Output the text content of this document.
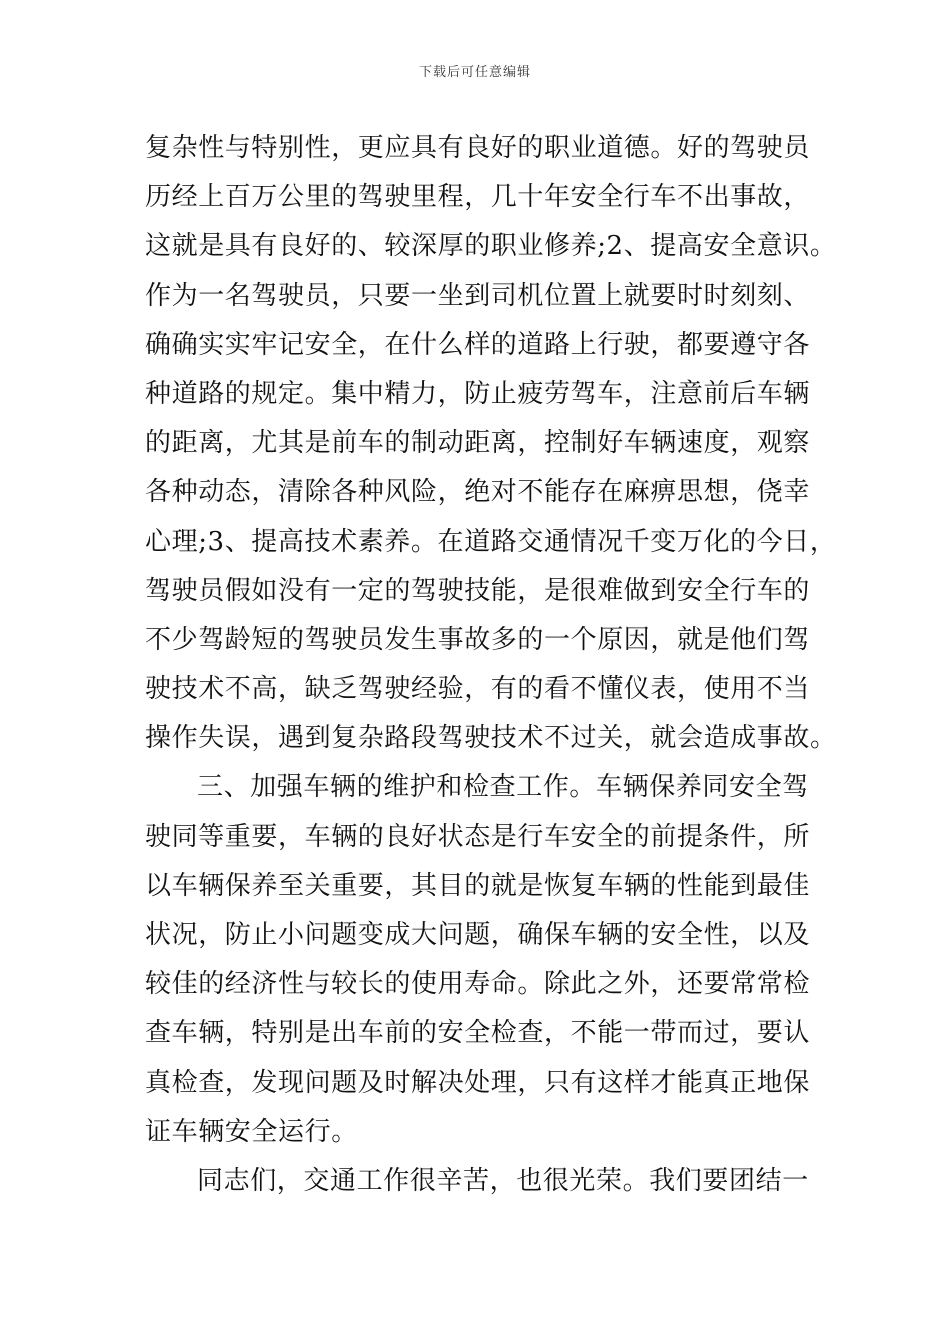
下载后可任意编辑
复杂性与特别性，更应具有良好的职业道德。好的驾驶员
历经上百万公里的驾驶里程，几十年安全行车不出事故，
这就是具有良好的、较深厚的职业修养;2、提高安全意识。
作为一名驾驶员，只要一坐到司机位置上就要时时刻刻、
确确实实牢记安全，在什么样的道路上行驶，都要遵守各
种道路的规定。集中精力，防止疲劳驾车，注意前后车辆
的距离，尤其是前车的制动距离，控制好车辆速度，观察
各种动态，清除各种风险，绝对不能存在麻痹思想，侥幸
心理;3、提高技术素养。在道路交通情况千变万化的今日，
驾驶员假如没有一定的驾驶技能，是很难做到安全行车的
不少驾龄短的驾驶员发生事故多的一个原因，就是他们驾
驶技术不高，缺乏驾驶经验，有的看不懂仪表，使用不当
操作失误，遇到复杂路段驾驶技术不过关，就会造成事故。
三、加强车辆的维护和检查工作。车辆保养同安全驾
驶同等重要，车辆的良好状态是行车安全的前提条件，所
以车辆保养至关重要，其目的就是恢复车辆的性能到最佳
状况，防止小问题变成大问题，确保车辆的安全性，以及
较佳的经济性与较长的使用寿命。除此之外，还要常常检
查车辆，特别是出车前的安全检查，不能一带而过，要认
真检查，发现问题及时解决处理，只有这样才能真正地保
证车辆安全运行。
同志们，交通工作很辛苦，也很光荣。我们要团结一
